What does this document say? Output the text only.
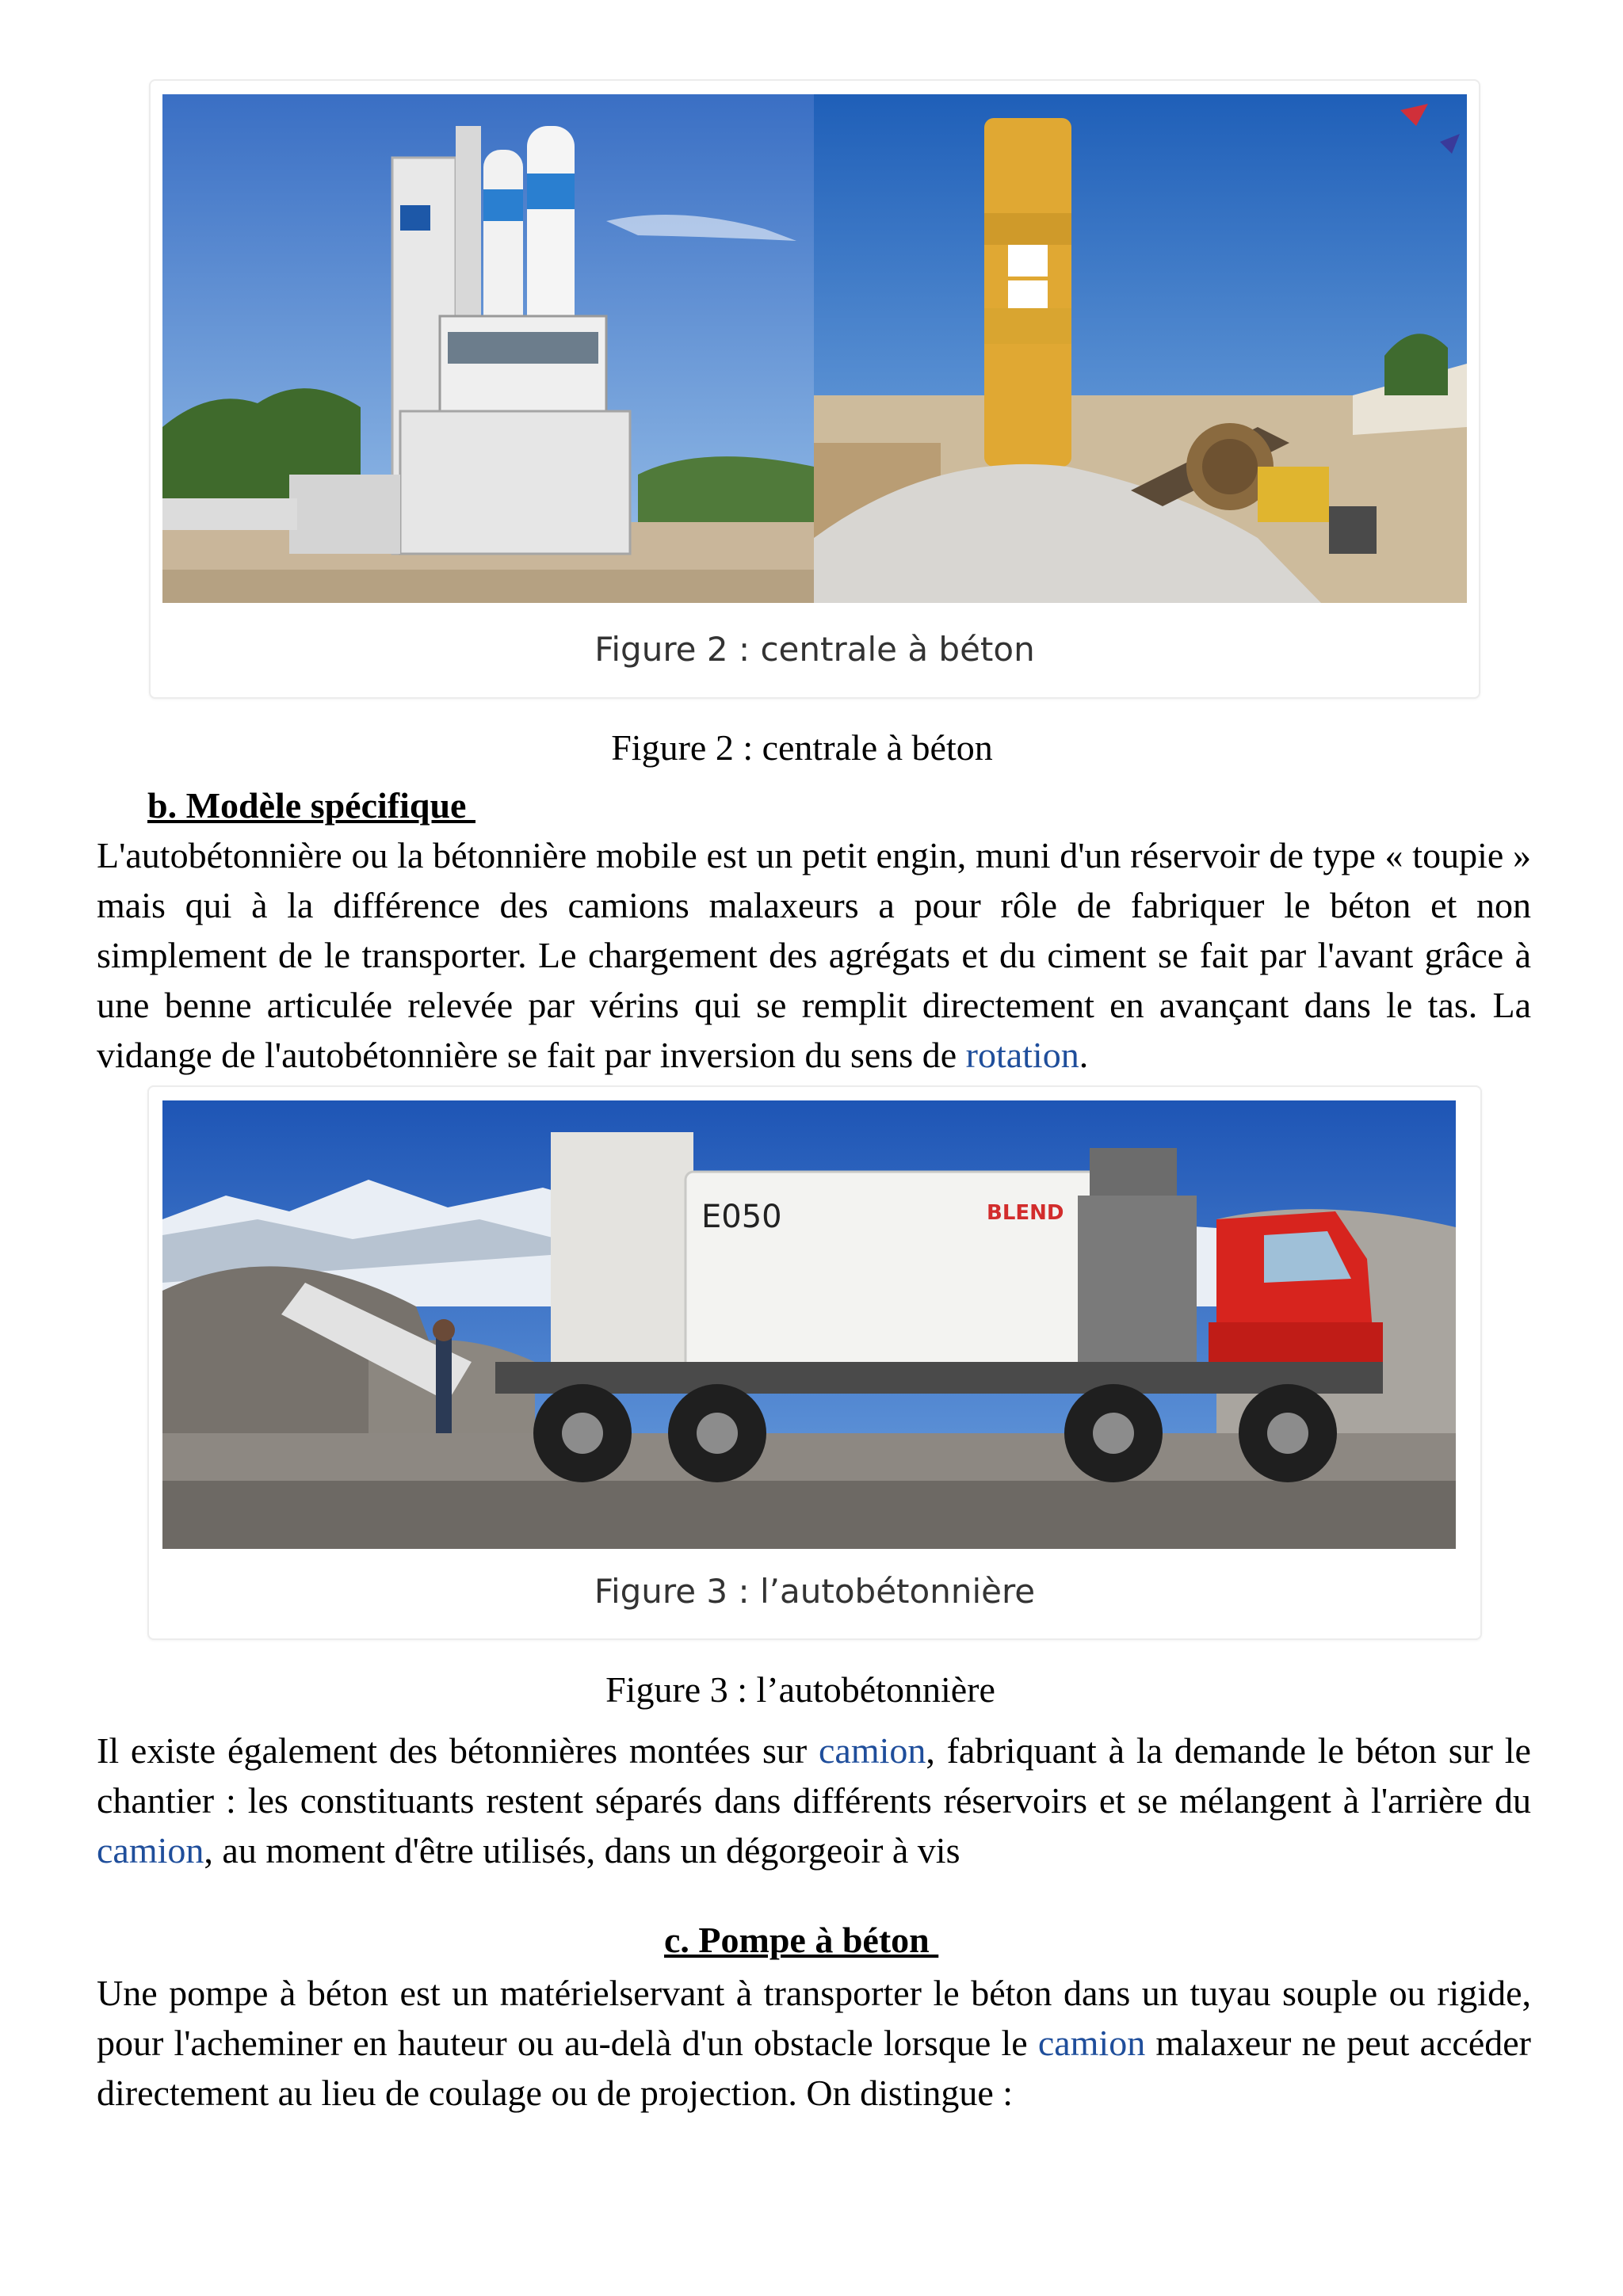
Figure 2 : centrale à béton
Figure 2 : centrale à béton
b. Modèle spécifique

L'autobétonnière ou la bétonnière mobile est un petit engin, muni d'un réservoir de type « toupie » mais qui à la différence des camions malaxeurs a pour rôle de fabriquer le béton et non simplement de le transporter. Le chargement des agrégats et du ciment se fait par l'avant grâce à une benne articulée relevée par vérins qui se remplit directement en avançant dans le tas. La vidange de l'autobétonnière se fait par inversion du sens de rotation.

E050	BLEND
Figure 3 : l’autobétonnière
Figure 3 : l’autobétonnière

Il existe également des bétonnières montées sur camion, fabriquant à la demande le béton sur le chantier : les constituants restent séparés dans différents réservoirs et se mélangent à l'arrière du camion, au moment d'être utilisés, dans un dégorgeoir à vis

c. Pompe à béton

Une pompe à béton est un matérielservant à transporter le béton dans un tuyau souple ou rigide, pour l'acheminer en hauteur ou au-delà d'un obstacle lorsque le camion malaxeur ne peut accéder directement au lieu de coulage ou de projection. On distingue :
